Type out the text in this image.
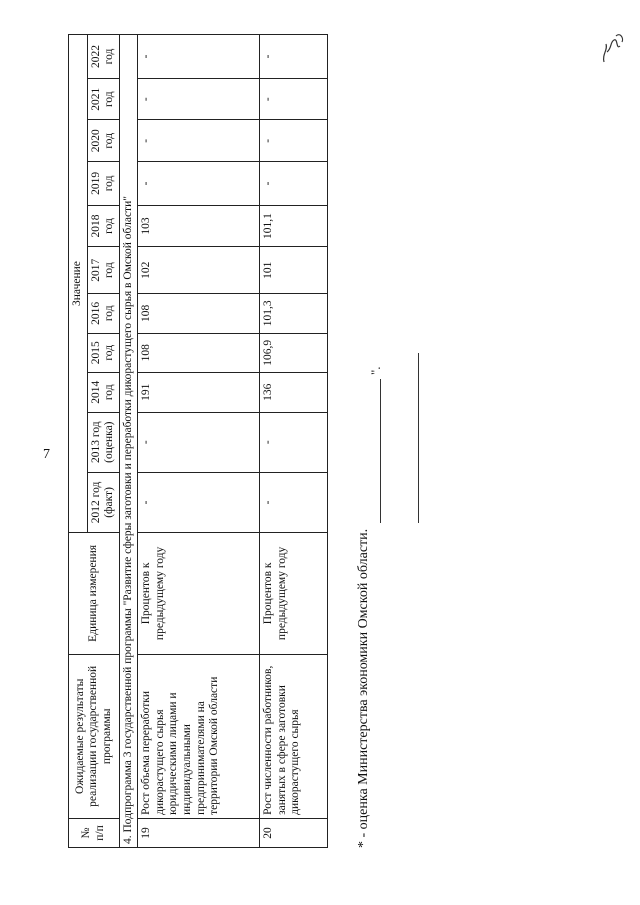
7
№ п/п	Ожидаемые результаты реализации государственной программы	Единица измерения	Значение										
			2012 год (факт)	2013 год (оценка)	2014 год	2015 год	2016 год	2017 год	2018 год	2019 год	2020 год	2021 год	2022 год
4. Подпрограмма 3 государственной программы "Развитие сферы заготовки и переработки дикорастущего сырья в Омской области"													
19	Рост объема переработки дикорастущего сырья юридическими лицами и индивидуальными предпринимателями на территории Омской области	Процентов к предыдущему году	-	-	191	108	108	102	103	-	-	-	-
20	Рост численности работников, занятых в сфере заготовки дикорастущего сырья	Процентов к предыдущему году	-	-	136	106,9	101,3	101	101,1	-	-	-	-
* - оценка Министерства экономики Омской области.
".
